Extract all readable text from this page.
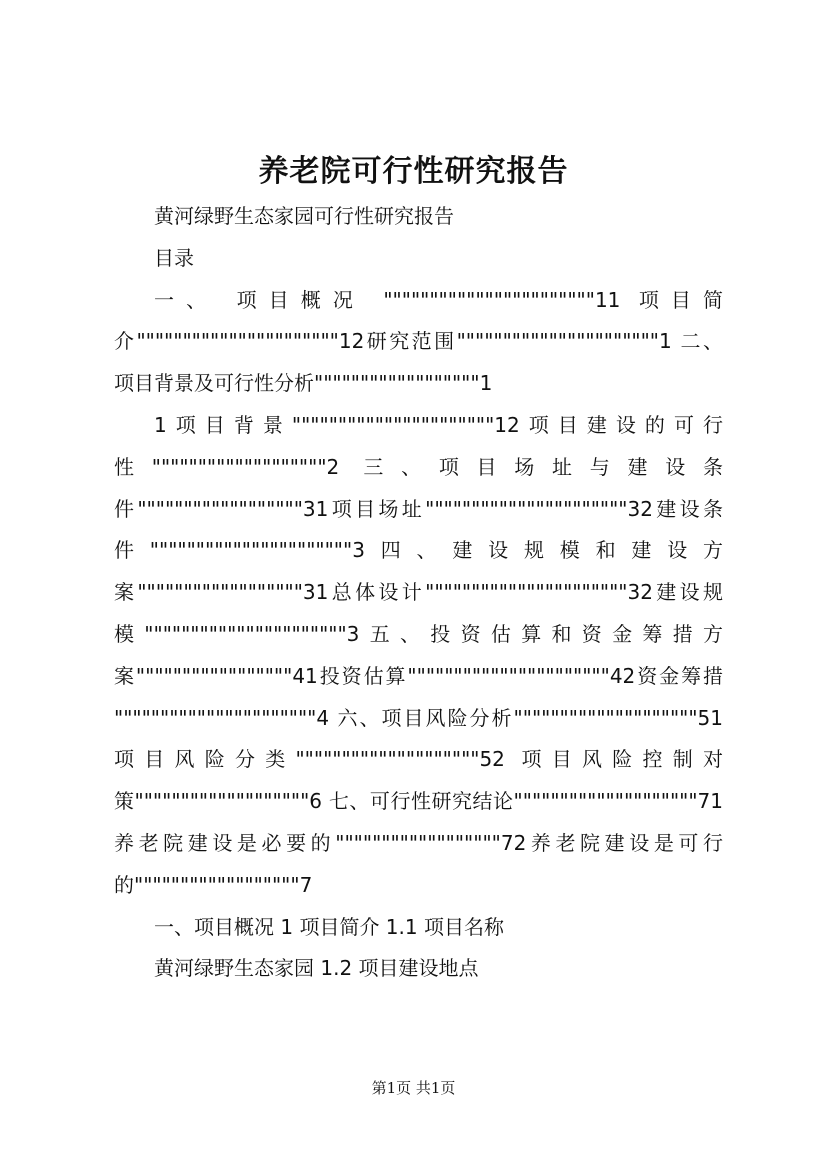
养老院可行性研究报告

黄河绿野生态家园可行性研究报告

目录

一、 项目概况 """""""""""""""""""""""11 项目简介""""""""""""""""""""""12研究范围""""""""""""""""""""""1 二、项目背景及可行性分析""""""""""""""""""1

1项目背景""""""""""""""""""""""12项目建设的可行性"""""""""""""""""""2 三、项目场址与建设条件""""""""""""""""""31项目场址""""""""""""""""""""""32建设条件""""""""""""""""""""""3四、建设规模和建设方案""""""""""""""""""31总体设计""""""""""""""""""""""32建设规模""""""""""""""""""""""3五、投资估算和资金筹措方案"""""""""""""""""41投资估算""""""""""""""""""""""42资金筹措 """"""""""""""""""""""4 六、项目风险分析""""""""""""""""""""51 项目风险分类""""""""""""""""""""52 项目风险控制对策"""""""""""""""""""6 七、可行性研究结论""""""""""""""""""""71 养老院建设是必要的""""""""""""""""""72养老院建设是可行的""""""""""""""""""7

一、项目概况 1 项目简介 1.1 项目名称

黄河绿野生态家园 1.2 项目建设地点

第1页 共1页
